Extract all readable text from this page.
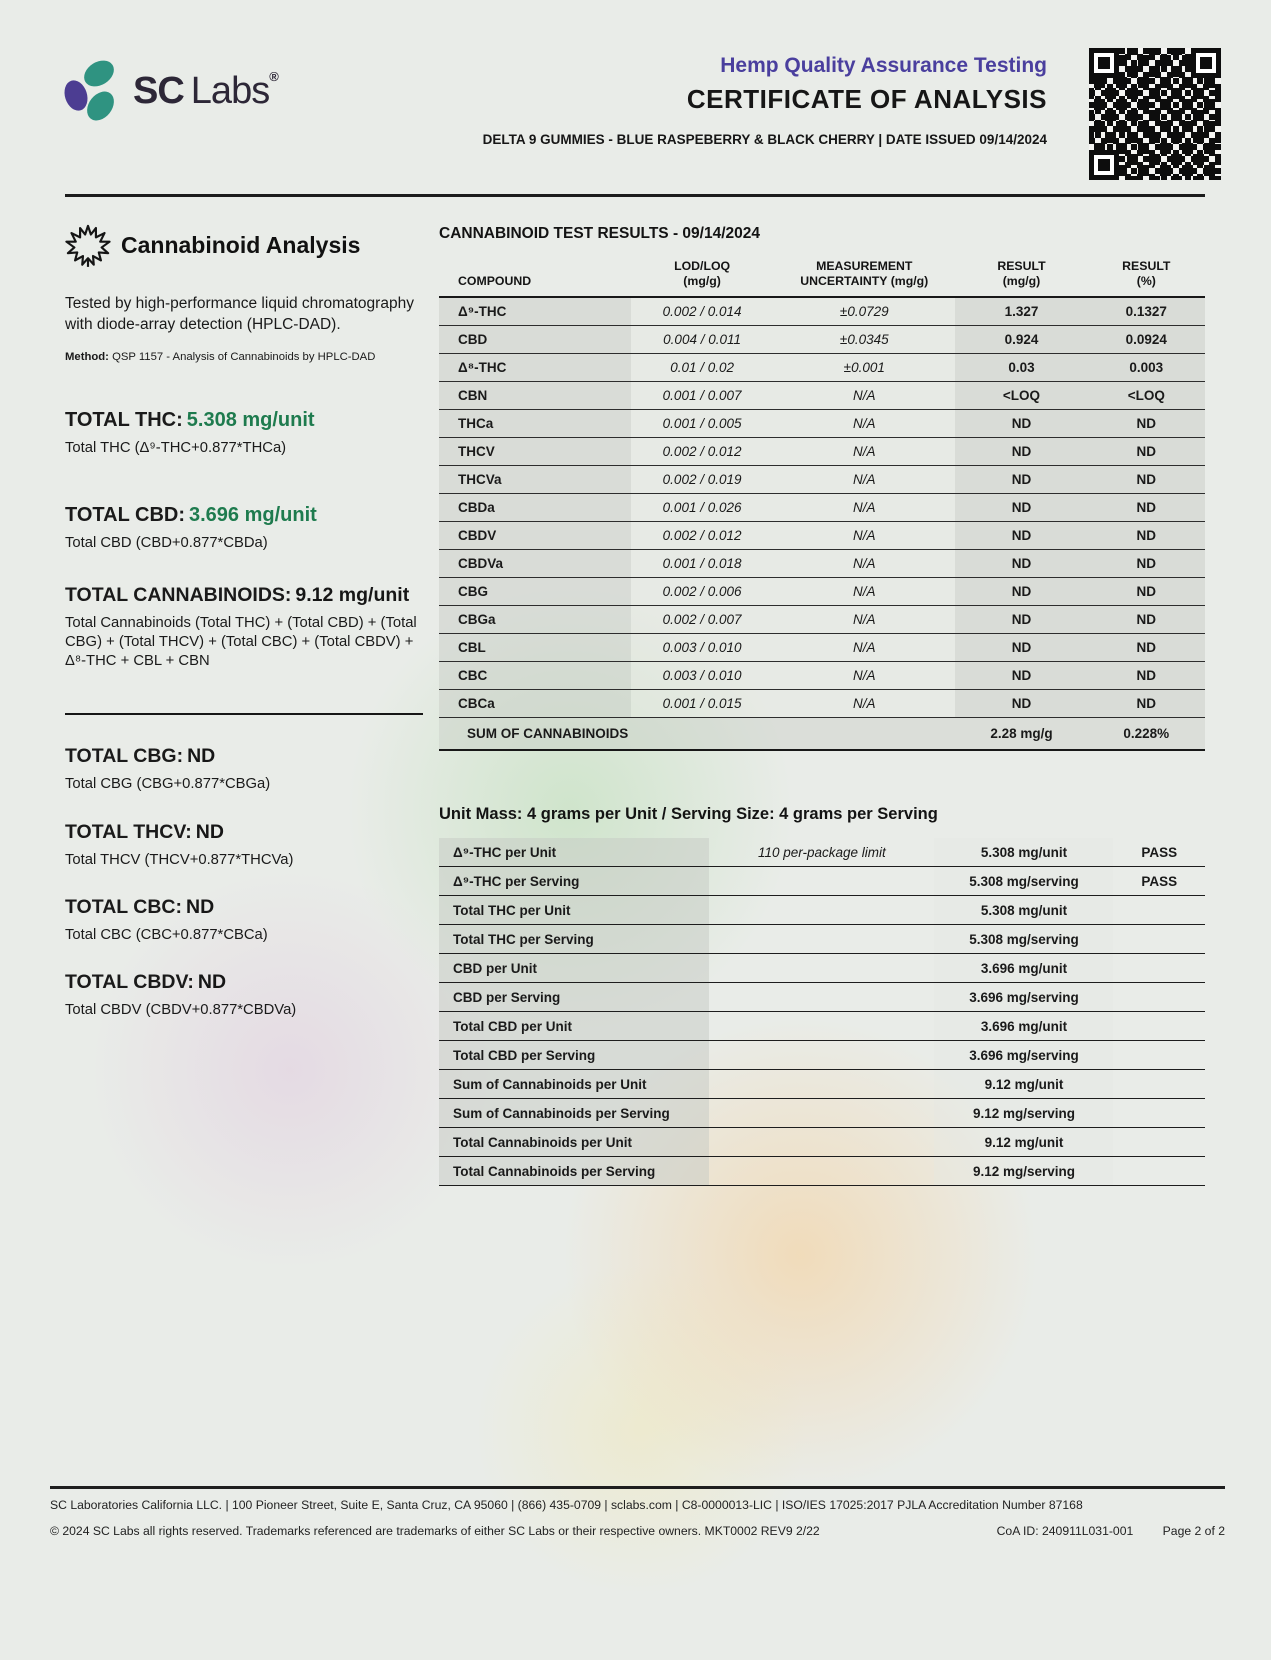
SC Labs®	Hemp Quality Assurance Testing
CERTIFICATE OF ANALYSIS
DELTA 9 GUMMIES - BLUE RASPEBERRY & BLACK CHERRY | DATE ISSUED 09/14/2024
Cannabinoid Analysis

Tested by high-performance liquid chromatography with diode-array detection (HPLC-DAD).

Method: QSP 1157 - Analysis of Cannabinoids by HPLC-DAD

TOTAL THC: 5.308 mg/unit
Total THC (Δ⁹-THC+0.877*THCa)
TOTAL CBD: 3.696 mg/unit
Total CBD (CBD+0.877*CBDa)
TOTAL CANNABINOIDS: 9.12 mg/unit
Total Cannabinoids (Total THC) + (Total CBD) + (Total CBG) + (Total THCV) + (Total CBC) + (Total CBDV) + Δ⁸-THC + CBL + CBN
TOTAL CBG: ND
Total CBG (CBG+0.877*CBGa)
TOTAL THCV: ND
Total THCV (THCV+0.877*THCVa)
TOTAL CBC: ND
Total CBC (CBC+0.877*CBCa)
TOTAL CBDV: ND
Total CBDV (CBDV+0.877*CBDVa)
CANNABINOID TEST RESULTS - 09/14/2024
COMPOUND

LOD/LOQ
(mg/g)

MEASUREMENT
UNCERTAINTY (mg/g)

RESULT
(mg/g)

RESULT
(%)

Δ⁹-THC	0.002 / 0.014	±0.0729	1.327	0.1327
CBD	0.004 / 0.011	±0.0345	0.924	0.0924
Δ⁸-THC	0.01 / 0.02	±0.001	0.03	0.003
CBN	0.001 / 0.007	N/A	<LOQ	<LOQ
THCa	0.001 / 0.005	N/A	ND	ND
THCV	0.002 / 0.012	N/A	ND	ND
THCVa	0.002 / 0.019	N/A	ND	ND
CBDa	0.001 / 0.026	N/A	ND	ND
CBDV	0.002 / 0.012	N/A	ND	ND
CBDVa	0.001 / 0.018	N/A	ND	ND
CBG	0.002 / 0.006	N/A	ND	ND
CBGa	0.002 / 0.007	N/A	ND	ND
CBL	0.003 / 0.010	N/A	ND	ND
CBC	0.003 / 0.010	N/A	ND	ND
CBCa	0.001 / 0.015	N/A	ND	ND
SUM OF CANNABINOIDS			2.28 mg/g	0.228%
Unit Mass: 4 grams per Unit / Serving Size: 4 grams per Serving
Δ⁹-THC per Unit	110 per-package limit	5.308 mg/unit	PASS
Δ⁹-THC per Serving		5.308 mg/serving	PASS
Total THC per Unit		5.308 mg/unit	
Total THC per Serving		5.308 mg/serving	
CBD per Unit		3.696 mg/unit	
CBD per Serving		3.696 mg/serving	
Total CBD per Unit		3.696 mg/unit	
Total CBD per Serving		3.696 mg/serving	
Sum of Cannabinoids per Unit		9.12 mg/unit	
Sum of Cannabinoids per Serving		9.12 mg/serving	
Total Cannabinoids per Unit		9.12 mg/unit	
Total Cannabinoids per Serving		9.12 mg/serving	
SC Laboratories California LLC. | 100 Pioneer Street, Suite E, Santa Cruz, CA 95060 | (866) 435-0709 | sclabs.com | C8-0000013-LIC | ISO/IES 17025:2017 PJLA Accreditation Number 87168
© 2024 SC Labs all rights reserved. Trademarks referenced are trademarks of either SC Labs or their respective owners. MKT0002 REV9 2/22	CoA ID: 240911L031-001 Page 2 of 2
